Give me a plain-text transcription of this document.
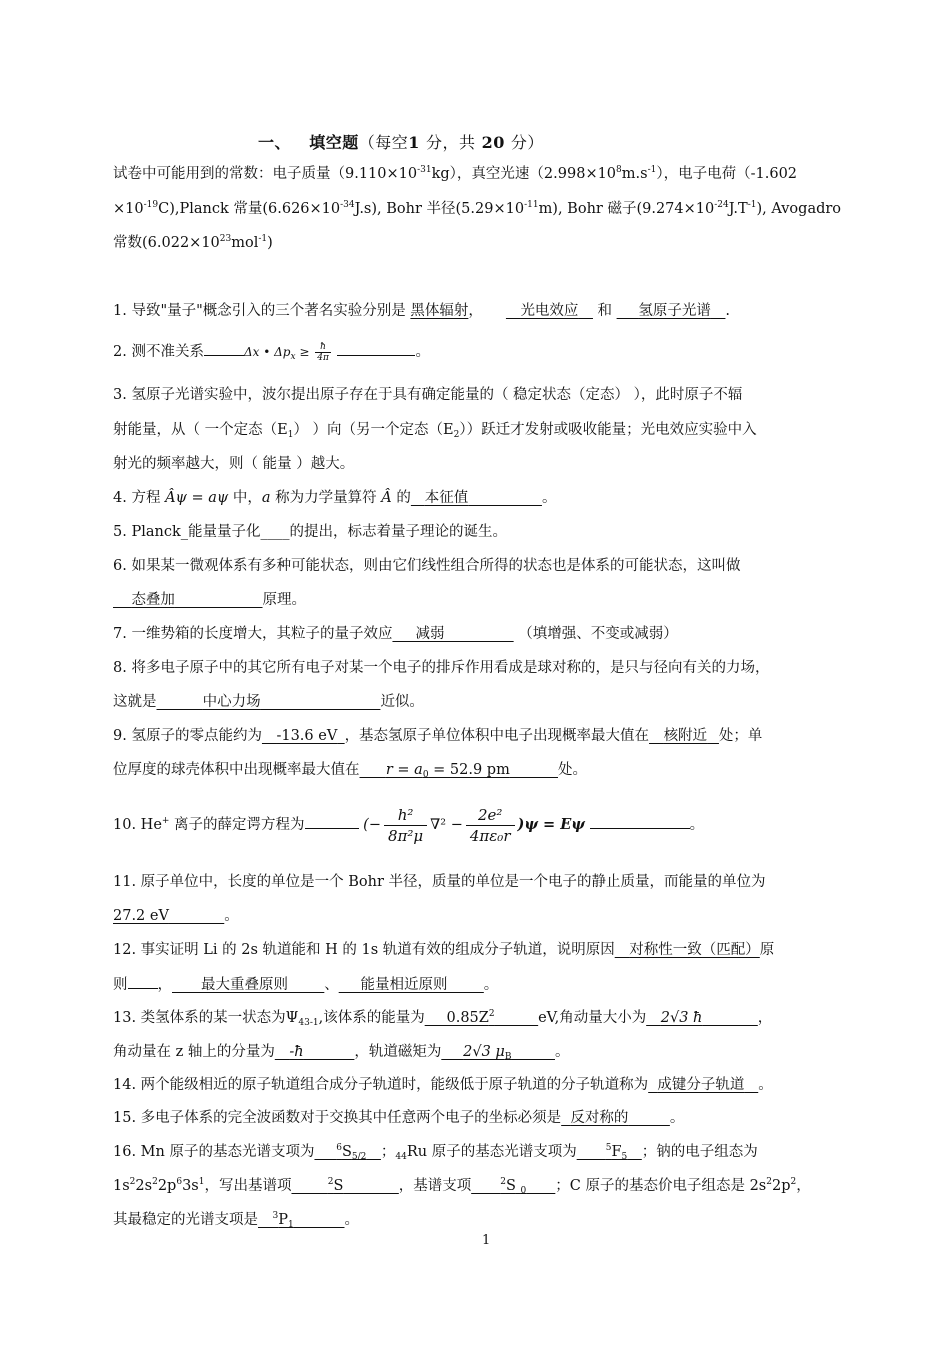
一、 填空题（每空1 分，共 20 分）
试卷中可能用到的常数：电子质量$(9.110\times 10^{-31}kg)$，真空光速$(2.998\times 10^8m.s^{-1})$，电子电荷（-1.602
$\times 10^{-19}C),Planck$ 常量$(6.626\times 10^{-34}J.s)$, Bohr 半径$(5.29\times 10^{-11}m)$, Bohr 磁子$(9.274\times 10^{-24}J.T^{-1})$, Avogadro
常数$(6.022\times 10^{23}mol^{-1})$
1. 导致"量子"概念引入的三个著名实验分别是 黑体辐射， __光电效应__ 和 ___氢原子光谱__.
2. 测不准关系	Δx • $\Delta p_x \ge \frac{ħ}{4\pi}$	。
3. 氢原子光谱实验中，波尔提出原子存在于具有确定能量的（ 稳定状态（定态） ），此时原子不辐
射能量，从（ 一个定态$(E_1)$ ）向（另一个定态$(E_2)$）跃迁才发射或吸收能量；光电效应实验中入
射光的频率越大，则（ 能量 ）越大。
4. 方程 Âψ = aψ 中，a 称为力学量算符 Â 的 本征值	。
5. Planck_能量量子化____的提出，标志着量子理论的诞生。
6. 如果某一微观体系有多种可能状态，则由它们线性组合所得的状态也是体系的可能状态，这叫做
态叠加	原理。
7. 一维势箱的长度增大，其粒子的量子效应 减弱	（填增强、不变或减弱）
8. 将多电子原子中的其它所有电子对某一个电子的排斥作用看成是球对称的，是只与径向有关的力场，
这就是	中心力场	近似。
9. 氢原子的零点能约为__-13.6 eV_，基态氢原子单位体积中电子出现概率最大值在__核附近 _处；单
位厚度的球壳体积中出现概率最大值在___ $r = a_0 = 52.9$ pm ______处。
10. He+ 离子的薛定谔方程为	(− $\frac{\text{h²}}{\text{8π²μ}} \nabla^2 - \frac{\text{2e²}}{\text{4πε₀r}} )\psi = E\psi$	。
11. 原子单位中，长度的单位是一个 Bohr 半径，质量的单位是一个电子的静止质量，而能量的单位为
27.2 eV	。
12. 事实证明 Li 的 2s 轨道能和 H 的 1s 轨道有效的组成分子轨道，说明原因__对称性一致（匹配）原
则 ，____最大重叠原则_____、___能量相近原则_____。
13. 类氢体系的某一状态为$\Psi_{43-1}$,该体系的能量为$\_\_\_0.85Z^2\_\_\_\_\_\_eV$,角动量大小为__2√3 ħ _______，
角动量在 z 轴上的分量为__-ħ_______，轨道磁矩为___2√3 $\mu_B\_\_\_\_\_\_$。
14. 两个能级相近的原子轨道组合成分子轨道时，能级低于原子轨道的分子轨道称为 成键分子轨道 。
15. 多电子体系的完全波函数对于交换其中任意两个电子的坐标必须是 反对称的	。
16. Mn 原子的基态光谱支项为$\_\_\_^6S_{5/2}\_\_$；$_{44}$Ru 原子的基态光谱支项为$\_\_\_\_^5F_5\_\_$；钠的电子组态为
$1s^22s^22p^63s^1$，写出基谱项_____$^2$S _______，基谱支项____$^2$S $_0$____；C 原子的基态价电子组态是 $2s^22p^2$，
其最稳定的光谱支项是$\_\_^3P_1\_\_\_\_\_\_\_$。
1
